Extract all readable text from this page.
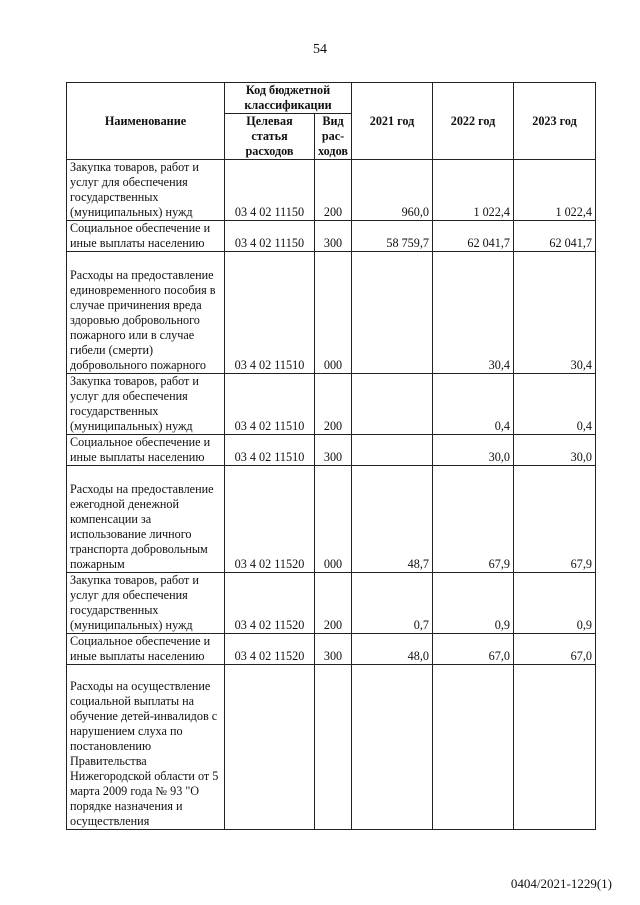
54
Наименование	Код бюджетной классификации		2021 год	2022 год	2023 год
	Целевая статья расходов	Вид рас-ходов			
Закупка товаров, работ и услуг для обеспечения государственных (муниципальных) нужд	03 4 02 11150	200	960,0	1 022,4	1 022,4
Социальное обеспечение и иные выплаты населению	03 4 02 11150	300	58 759,7	62 041,7	62 041,7
Расходы на предоставление единовременного пособия в случае причинения вреда здоровью добровольного пожарного или в случае гибели (смерти) добровольного пожарного	03 4 02 11510	000		30,4	30,4
Закупка товаров, работ и услуг для обеспечения государственных (муниципальных) нужд	03 4 02 11510	200		0,4	0,4
Социальное обеспечение и иные выплаты населению	03 4 02 11510	300		30,0	30,0
Расходы на предоставление ежегодной денежной компенсации за использование личного транспорта добровольным пожарным	03 4 02 11520	000	48,7	67,9	67,9
Закупка товаров, работ и услуг для обеспечения государственных (муниципальных) нужд	03 4 02 11520	200	0,7	0,9	0,9
Социальное обеспечение и иные выплаты населению	03 4 02 11520	300	48,0	67,0	67,0
Расходы на осуществление социальной выплаты на обучение детей-инвалидов с нарушением слуха по постановлению Правительства Нижегородской области от 5 марта 2009 года № 93 "О порядке назначения и осуществления					
0404/2021-1229(1)
